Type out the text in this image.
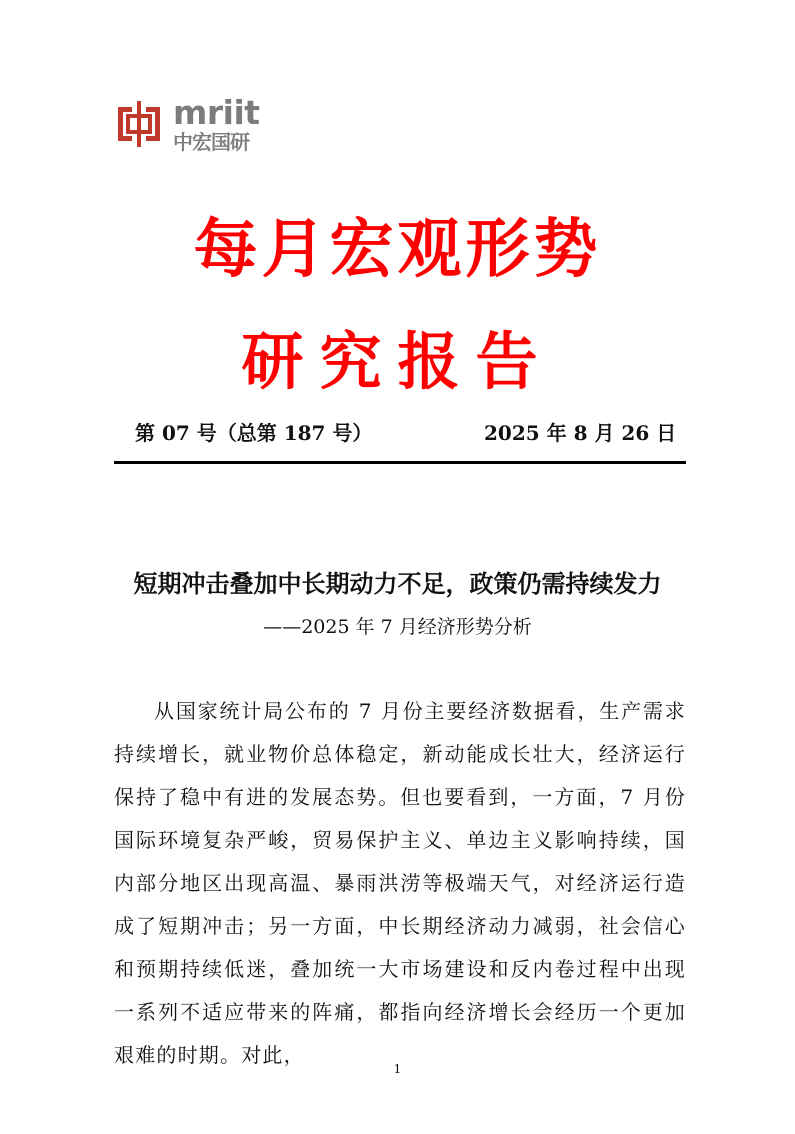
mriit
中宏国研
每月宏观形势
研究报告
第 07 号（总第 187 号）	2025 年 8 月 26 日
短期冲击叠加中长期动力不足，政策仍需持续发力
——2025 年 7 月经济形势分析

从国家统计局公布的 7 月份主要经济数据看，生产需求持续增长，就业物价总体稳定，新动能成长壮大，经济运行保持了稳中有进的发展态势。但也要看到，一方面，7 月份国际环境复杂严峻，贸易保护主义、单边主义影响持续，国内部分地区出现高温、暴雨洪涝等极端天气，对经济运行造成了短期冲击；另一方面，中长期经济动力减弱，社会信心和预期持续低迷，叠加统一大市场建设和反内卷过程中出现一系列不适应带来的阵痛，都指向经济增长会经历一个更加艰难的时期。对此，

1
